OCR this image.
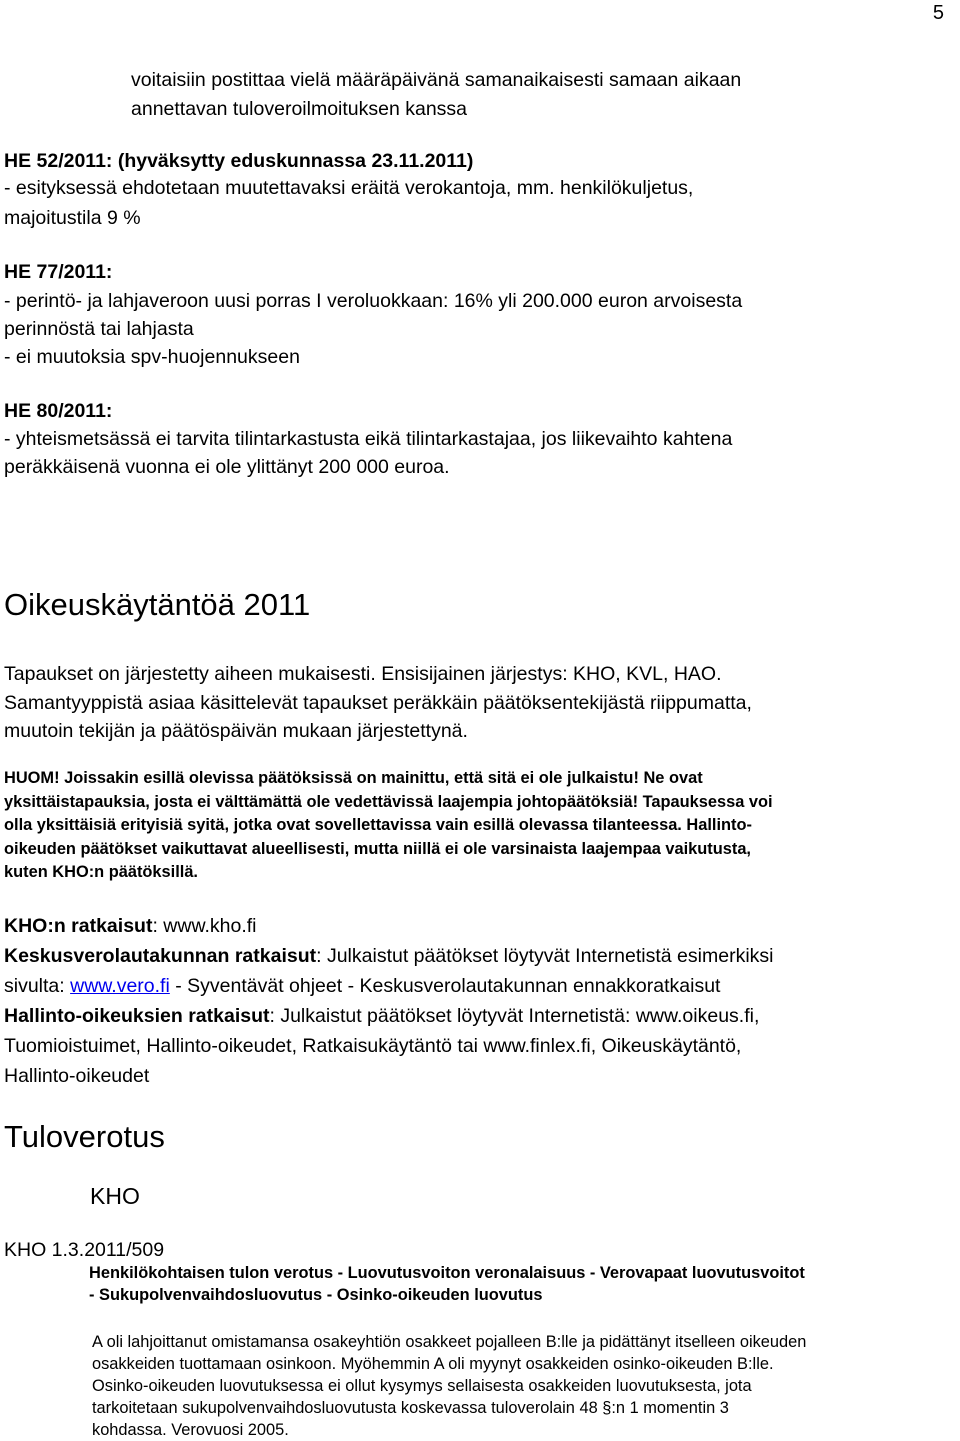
5
voitaisiin postittaa vielä määräpäivänä samanaikaisesti samaan aikaan
annettavan tuloveroilmoituksen kanssa
HE 52/2011: (hyväksytty eduskunnassa 23.11.2011)
- esityksessä ehdotetaan muutettavaksi eräitä verokantoja, mm. henkilökuljetus,
majoitustila 9 %
HE 77/2011:
- perintö- ja lahjaveroon uusi porras I veroluokkaan: 16% yli 200.000 euron arvoisesta
perinnöstä tai lahjasta
- ei muutoksia spv-huojennukseen
HE 80/2011:
- yhteismetsässä ei tarvita tilintarkastusta eikä tilintarkastajaa, jos liikevaihto kahtena
peräkkäisenä vuonna ei ole ylittänyt 200 000 euroa.
Oikeuskäytäntöä 2011
Tapaukset on järjestetty aiheen mukaisesti. Ensisijainen järjestys: KHO, KVL, HAO.
Samantyyppistä asiaa käsittelevät tapaukset peräkkäin päätöksentekijästä riippumatta,
muutoin tekijän ja päätöspäivän mukaan järjestettynä.
HUOM! Joissakin esillä olevissa päätöksissä on mainittu, että sitä ei ole julkaistu! Ne ovat
yksittäistapauksia, josta ei välttämättä ole vedettävissä laajempia johtopäätöksiä! Tapauksessa voi
olla yksittäisiä erityisiä syitä, jotka ovat sovellettavissa vain esillä olevassa tilanteessa. Hallinto-
oikeuden päätökset vaikuttavat alueellisesti, mutta niillä ei ole varsinaista laajempaa vaikutusta,
kuten KHO:n päätöksillä.
KHO:n ratkaisut: www.kho.fi
Keskusverolautakunnan ratkaisut: Julkaistut päätökset löytyvät Internetistä esimerkiksi
sivulta: www.vero.fi - Syventävät ohjeet - Keskusverolautakunnan ennakkoratkaisut
Hallinto-oikeuksien ratkaisut: Julkaistut päätökset löytyvät Internetistä: www.oikeus.fi,
Tuomioistuimet, Hallinto-oikeudet, Ratkaisukäytäntö tai www.finlex.fi, Oikeuskäytäntö,
Hallinto-oikeudet
Tuloverotus
KHO
KHO 1.3.2011/509
Henkilökohtaisen tulon verotus - Luovutusvoiton veronalaisuus - Verovapaat luovutusvoitot
- Sukupolvenvaihdosluovutus - Osinko-oikeuden luovutus
A oli lahjoittanut omistamansa osakeyhtiön osakkeet pojalleen B:lle ja pidättänyt itselleen oikeuden
osakkeiden tuottamaan osinkoon. Myöhemmin A oli myynyt osakkeiden osinko-oikeuden B:lle.
Osinko-oikeuden luovutuksessa ei ollut kysymys sellaisesta osakkeiden luovutuksesta, jota
tarkoitetaan sukupolvenvaihdosluovutusta koskevassa tuloverolain 48 §:n 1 momentin 3
kohdassa. Verovuosi 2005.
